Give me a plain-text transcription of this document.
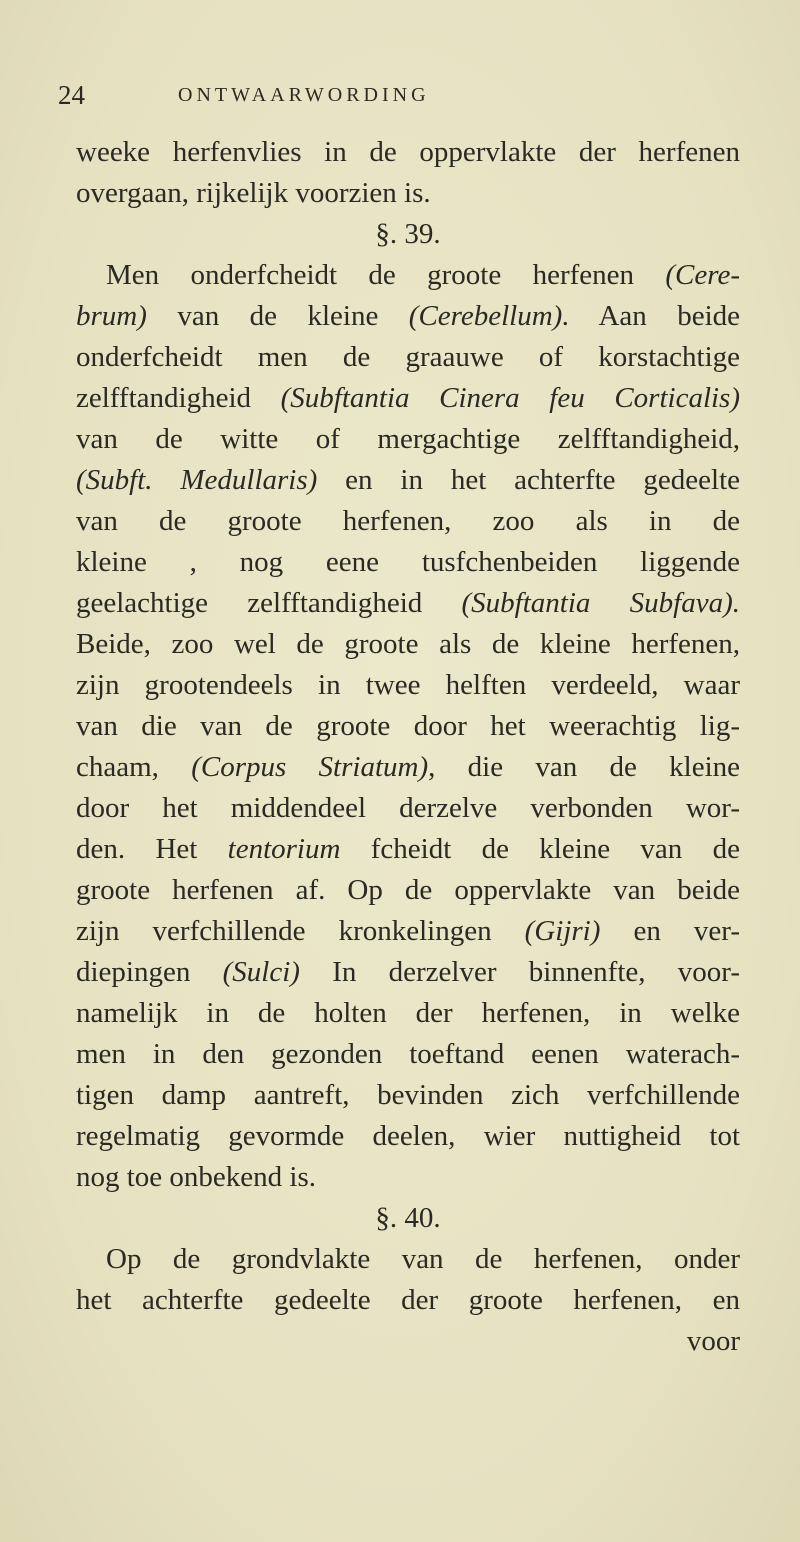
24	ONTWAARWORDING
weeke herfenvlies in de oppervlakte der herfenen
overgaan, rijkelijk voorzien is.
§. 39.
Men onderfcheidt de groote herfenen (Cere-
brum) van de kleine (Cerebellum). Aan beide
onderfcheidt men de graauwe of korstachtige
zelfftandigheid (Subftantia Cinera feu Corticalis)
van de witte of mergachtige zelfftandigheid,
(Subft. Medullaris) en in het achterfte gedeelte
van de groote herfenen, zoo als in de
kleine , nog eene tusfchenbeiden liggende
geelachtige zelfftandigheid (Subftantia Subfava).
Beide, zoo wel de groote als de kleine herfenen,
zijn grootendeels in twee helften verdeeld, waar
van die van de groote door het weerachtig lig-
chaam, (Corpus Striatum), die van de kleine
door het middendeel derzelve verbonden wor-
den. Het tentorium fcheidt de kleine van de
groote herfenen af. Op de oppervlakte van beide
zijn verfchillende kronkelingen (Gijri) en ver-
diepingen (Sulci) In derzelver binnenfte, voor-
namelijk in de holten der herfenen, in welke
men in den gezonden toeftand eenen waterach-
tigen damp aantreft, bevinden zich verfchillende
regelmatig gevormde deelen, wier nuttigheid tot
nog toe onbekend is.
§. 40.
Op de grondvlakte van de herfenen, onder
het achterfte gedeelte der groote herfenen, en
voor
